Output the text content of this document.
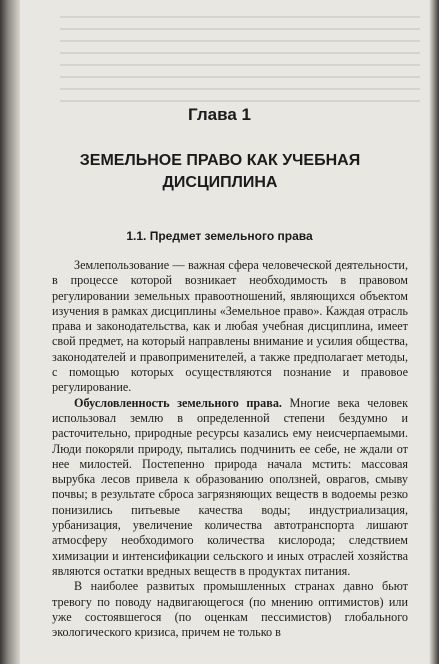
Глава 1
ЗЕМЕЛЬНОЕ ПРАВО КАК УЧЕБНАЯ ДИСЦИПЛИНА
1.1. Предмет земельного права

Землепользование — важная сфера человеческой деятельности, в процессе которой возникает необходимость в правовом регулировании земельных правоотношений, являющихся объектом изучения в рамках дисциплины «Земельное право». Каждая отрасль права и законодательства, как и любая учебная дисциплина, имеет свой предмет, на который направлены внимание и усилия общества, законодателей и правоприменителей, а также предполагает методы, с помощью которых осуществляются познание и правовое регулирование.

Обусловленность земельного права. Многие века человек использовал землю в определенной степени бездумно и расточительно, природные ресурсы казались ему неисчерпаемыми. Люди покоряли природу, пытались подчинить ее себе, не ждали от нее милостей. Постепенно природа начала мстить: массовая вырубка лесов привела к образованию оползней, оврагов, смыву почвы; в результате сброса загрязняющих веществ в водоемы резко понизились питьевые качества воды; индустриализация, урбанизация, увеличение количества автотранспорта лишают атмосферу необходимого количества кислорода; следствием химизации и интенсификации сельского и иных отраслей хозяйства являются остатки вредных веществ в продуктах питания.

В наиболее развитых промышленных странах давно бьют тревогу по поводу надвигающегося (по мнению оптимистов) или уже состоявшегося (по оценкам пессимистов) глобального экологического кризиса, причем не только в
